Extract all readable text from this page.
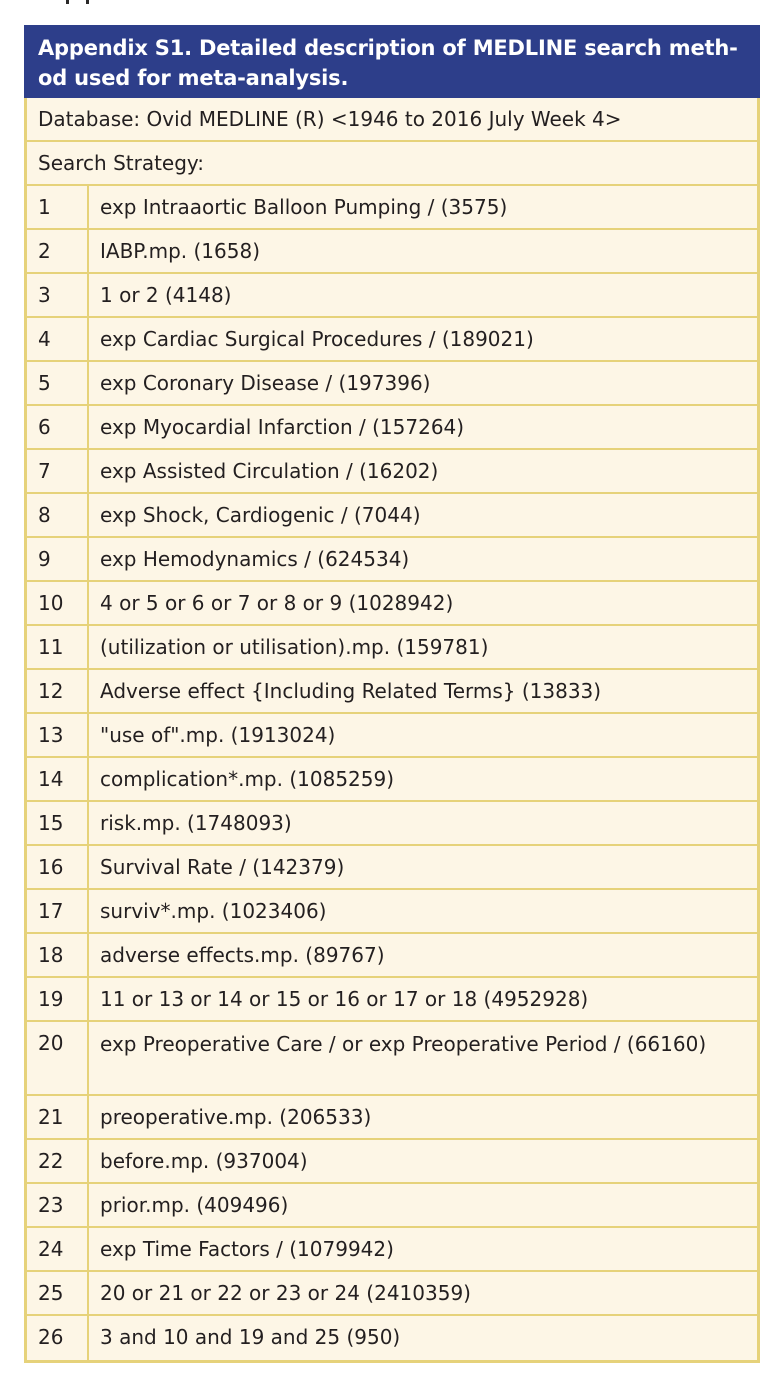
Appendix S1. Detailed description of MEDLINE search meth-
od used for meta-analysis.
Database: Ovid MEDLINE (R) <1946 to 2016 July Week 4>
Search Strategy:
1	exp Intraaortic Balloon Pumping / (3575)
2	IABP.mp. (1658)
3	1 or 2 (4148)
4	exp Cardiac Surgical Procedures / (189021)
5	exp Coronary Disease / (197396)
6	exp Myocardial Infarction / (157264)
7	exp Assisted Circulation / (16202)
8	exp Shock, Cardiogenic / (7044)
9	exp Hemodynamics / (624534)
10	4 or 5 or 6 or 7 or 8 or 9 (1028942)
11	(utilization or utilisation).mp. (159781)
12	Adverse effect {Including Related Terms} (13833)
13	"use of".mp. (1913024)
14	complication*.mp. (1085259)
15	risk.mp. (1748093)
16	Survival Rate / (142379)
17	surviv*.mp. (1023406)
18	adverse effects.mp. (89767)
19	11 or 13 or 14 or 15 or 16 or 17 or 18 (4952928)
20	exp Preoperative Care / or exp Preoperative Period / (66160)
21	preoperative.mp. (206533)
22	before.mp. (937004)
23	prior.mp. (409496)
24	exp Time Factors / (1079942)
25	20 or 21 or 22 or 23 or 24 (2410359)
26	3 and 10 and 19 and 25 (950)
